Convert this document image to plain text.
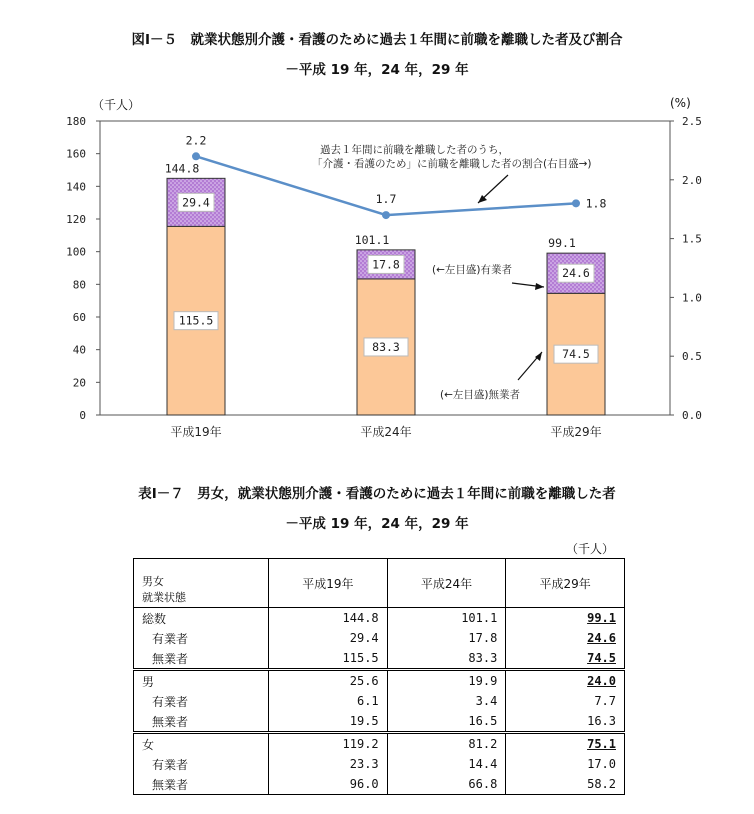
図Ⅰ－５　就業状態別介護・看護のために過去１年間に前職を離職した者及び割合
－平成 19 年，24 年，29 年
（千人）	(%)
0
20
40
60
80
100
120
140
160
180
0.0
0.5
1.0
1.5
2.0
2.5
平成19年	平成24年	平成29年
2.2
1.7	1.8
115.5
29.4
144.8
83.3
17.8
101.1
74.5
24.6
99.1
過去１年間に前職を離職した者のうち，
「介護・看護のため」に前職を離職した者の割合(右目盛→)
(←左目盛)有業者
(←左目盛)無業者
表Ⅰ－７　男女，就業状態別介護・看護のために過去１年間に前職を離職した者
－平成 19 年，24 年，29 年
（千人）
男女
就業状態	平成19年	平成24年	平成29年
総数	144.8	101.1	99.1
有業者	29.4	17.8	24.6
無業者	115.5	83.3	74.5
男	25.6	19.9	24.0
有業者	6.1	3.4	7.7
無業者	19.5	16.5	16.3
女	119.2	81.2	75.1
有業者	23.3	14.4	17.0
無業者	96.0	66.8	58.2
